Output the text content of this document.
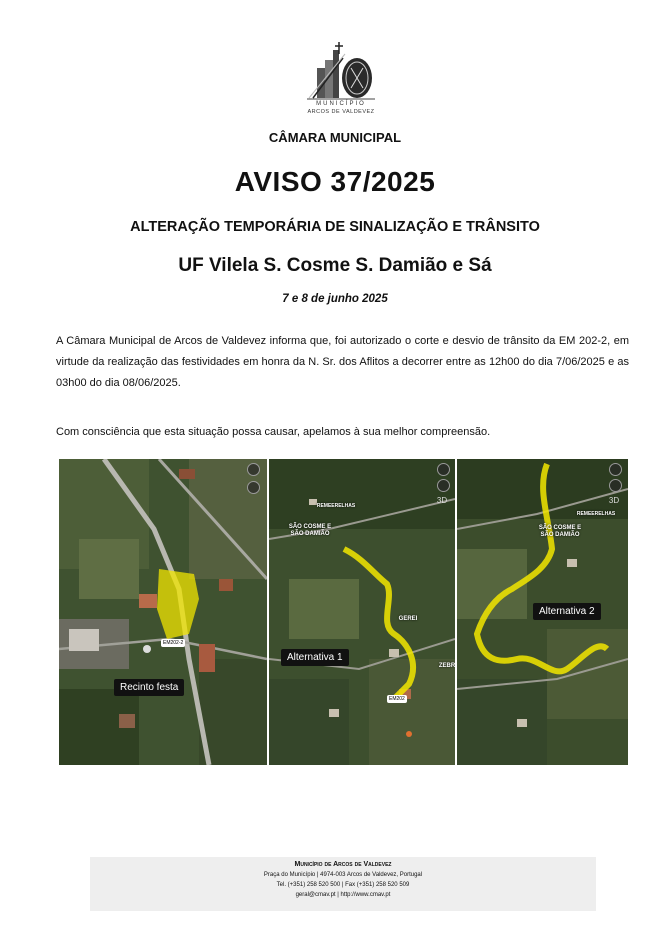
MUNICÍPIO
ARCOS DE VALDEVEZ
CÂMARA MUNICIPAL
AVISO 37/2025
ALTERAÇÃO TEMPORÁRIA DE SINALIZAÇÃO E TRÂNSITO
UF Vilela S. Cosme S. Damião e Sá
7 e 8 de junho 2025
A Câmara Municipal de Arcos de Valdevez informa que, foi autorizado o corte e desvio de trânsito da EM 202-2, em virtude da realização das festividades em honra da N. Sr. dos Aflitos a decorrer entre as 12h00 do dia 7/06/2025 e as 03h00 do dia 08/06/2025.
Com consciência que esta situação possa causar, apelamos à sua melhor compreensão.
Recinto festa
EM202-2
REMEERELHAS
SÃO COSME E SÃO DAMIÃO
GEREI
ZEBR
Alternativa 1
EM202
3D
REMEERELHAS
SÃO COSME E SÃO DAMIÃO
Alternativa 2
3D
Município de Arcos de Valdevez
Praça do Município | 4974-003 Arcos de Valdevez, Portugal
Tel. (+351) 258 520 500 | Fax (+351) 258 520 509
geral@cmav.pt | http://www.cmav.pt
